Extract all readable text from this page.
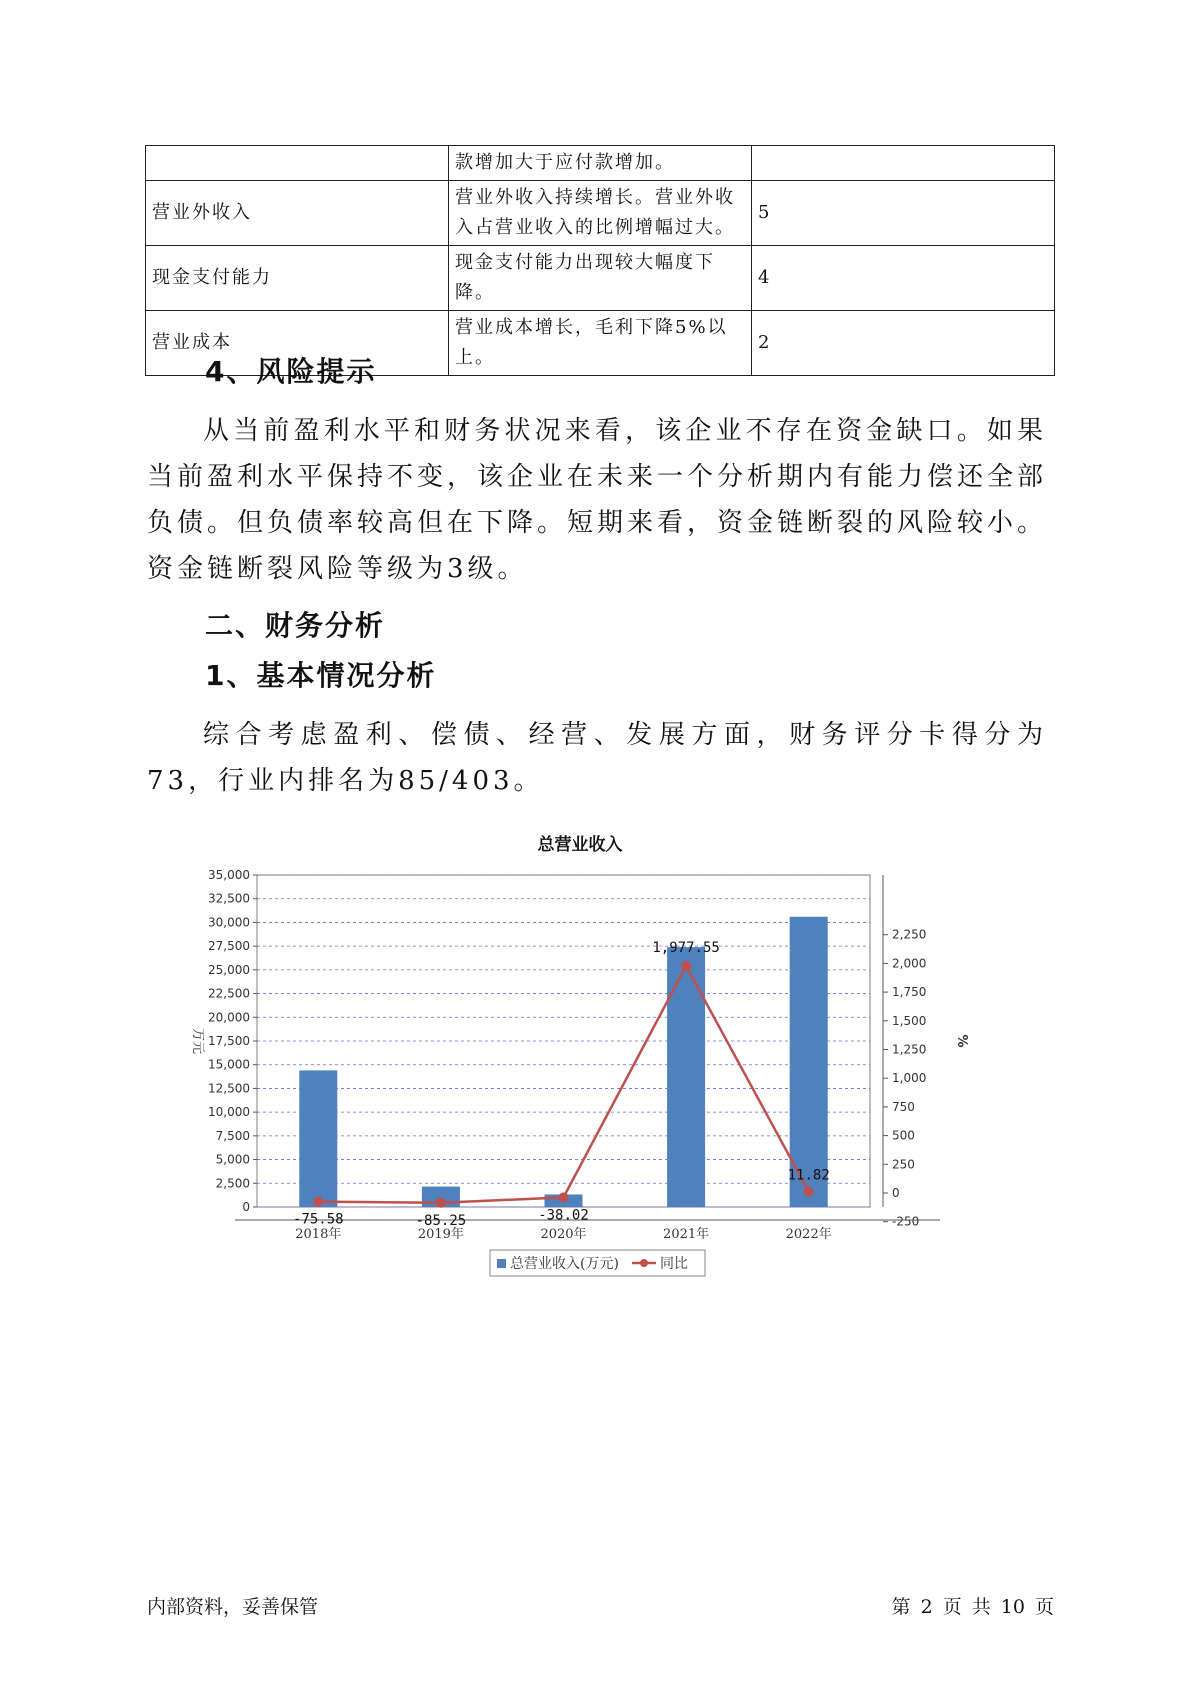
	款增加大于应付款增加。	
营业外收入	营业外收入持续增长。营业外收入占营业收入的比例增幅过大。	5
现金支付能力	现金支付能力出现较大幅度下降。	4
营业成本	营业成本增长，毛利下降5%以上。	2
4、风险提示
从当前盈利水平和财务状况来看，该企业不存在资金缺口。如果当前盈利水平保持不变，该企业在未来一个分析期内有能力偿还全部负债。但负债率较高但在下降。短期来看，资金链断裂的风险较小。资金链断裂风险等级为3级。
二、财务分析
1、基本情况分析
综合考虑盈利、偿债、经营、发展方面，财务评分卡得分为73，行业内排名为85/403。
总营业收入
0
2,500
5,000
7,500
10,000
12,500
15,000
17,500
20,000
22,500
25,000
27,500
30,000
32,500
35,000
-250
0
250
500
750
1,000
1,250
1,500
1,750
2,000
2,250
万元	%
2018年	2019年	2020年	2021年	2022年
-75.58	-85.25	-38.02
1,977.55
11.82
总营业收入(万元)	同比
内部资料，妥善保管	第 2 页 共 10 页
